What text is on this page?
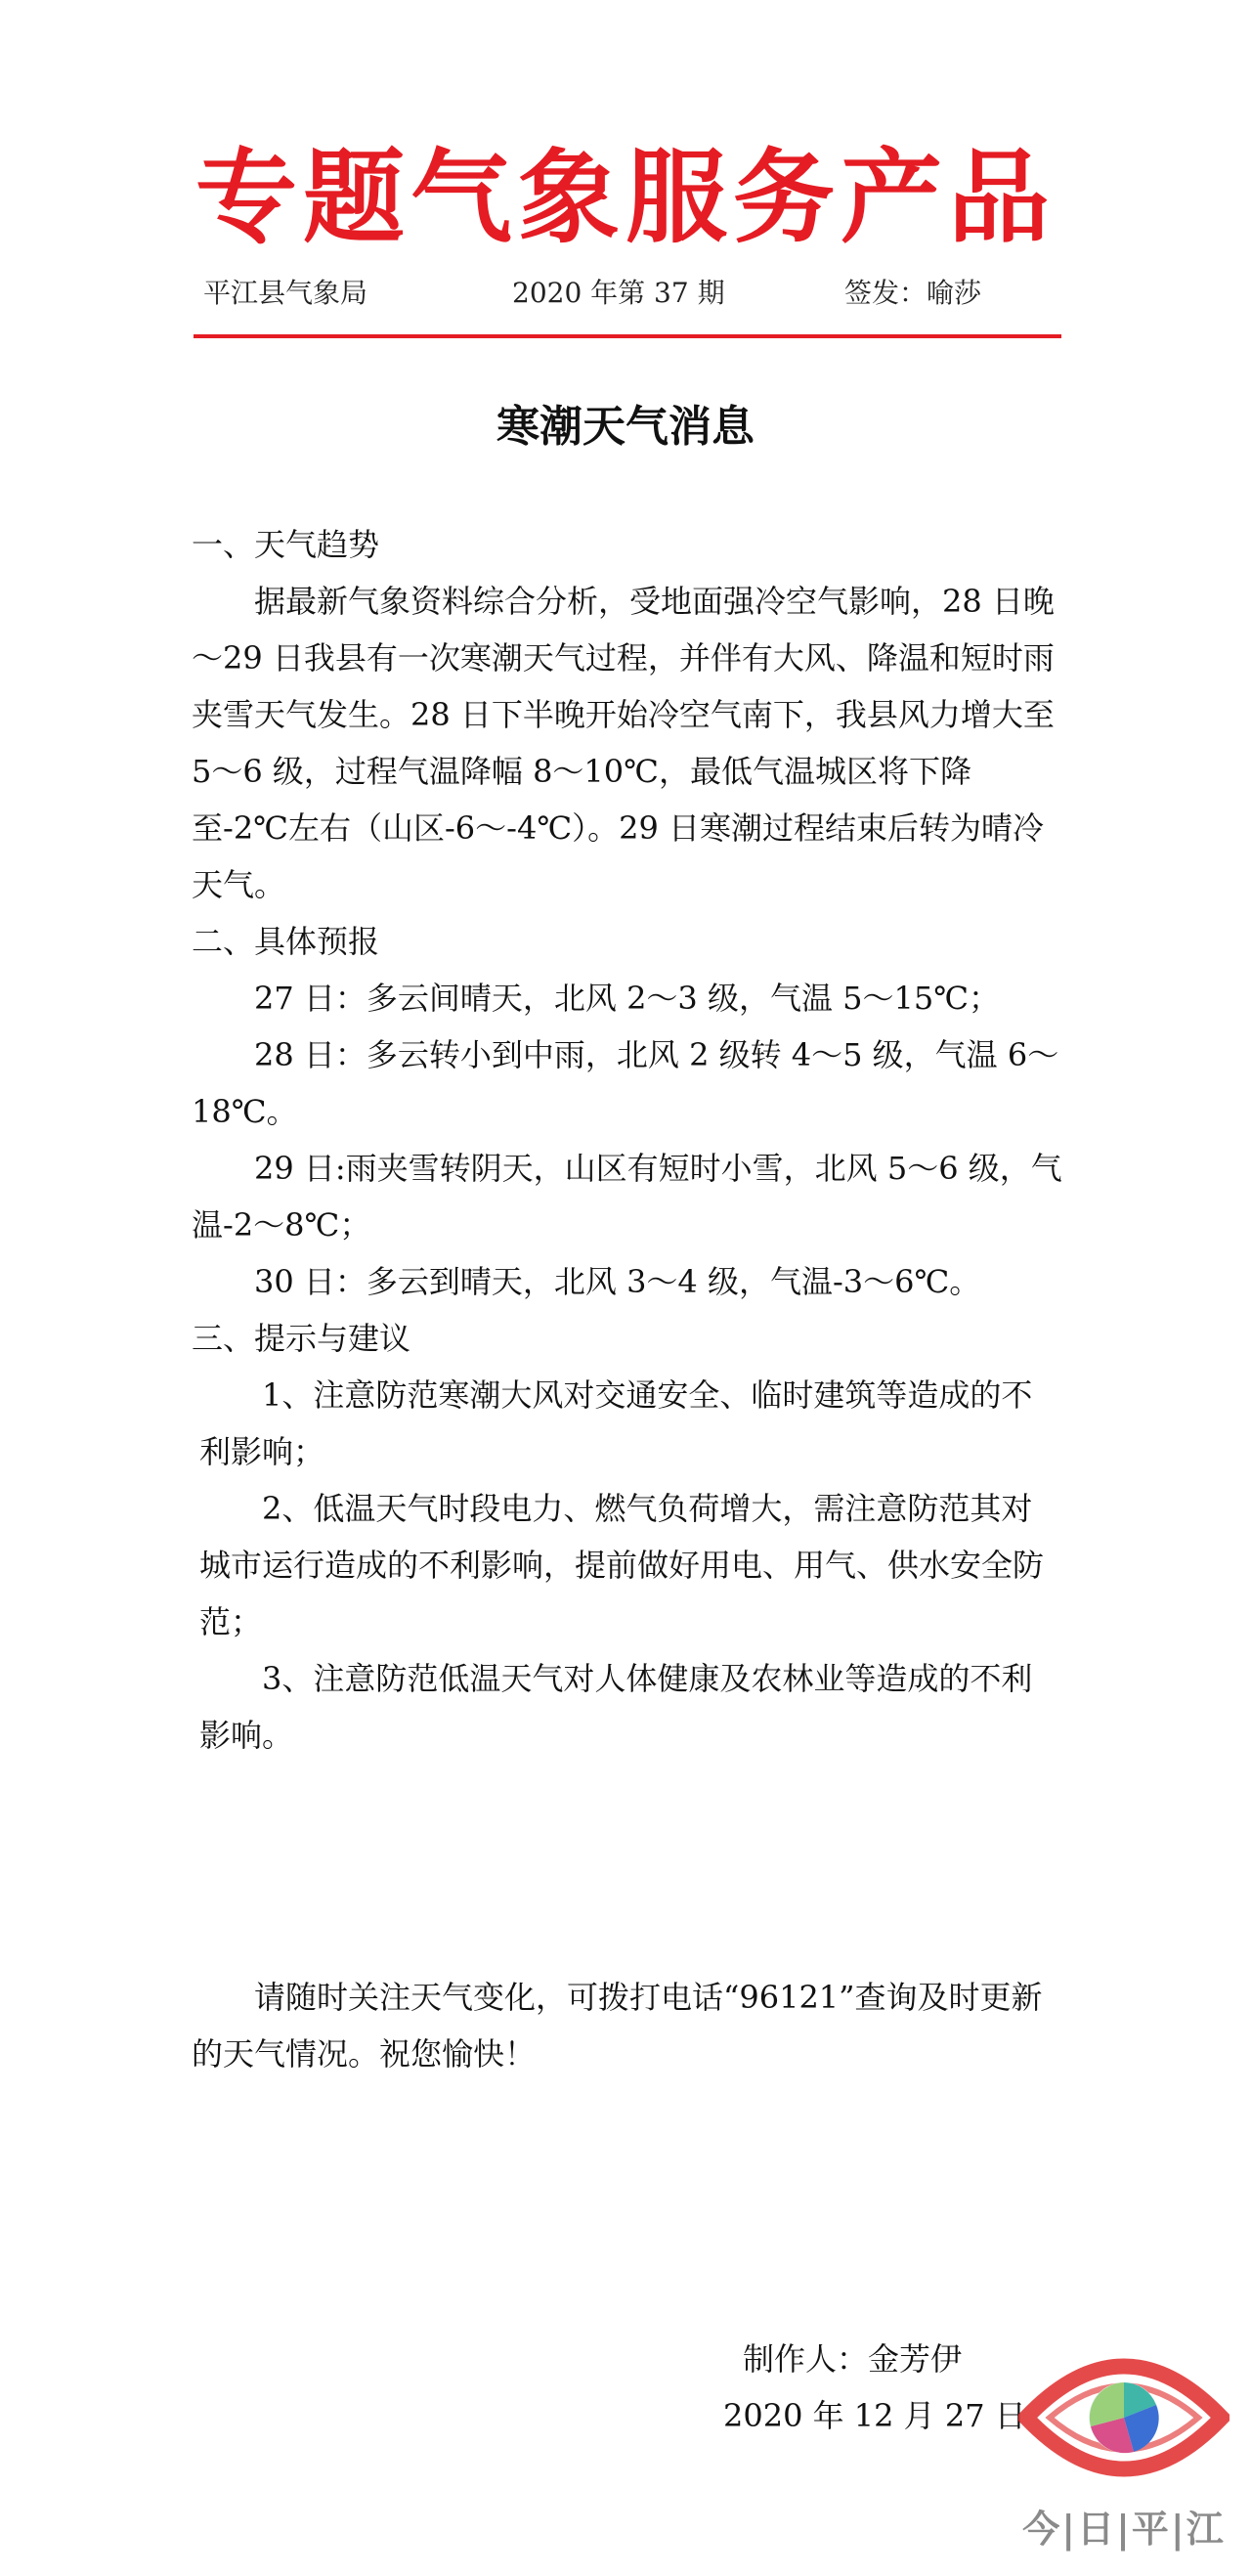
专题气象服务产品
平江县气象局	2020 年第 37 期	签发：喻莎
寒潮天气消息

一、天气趋势

据最新气象资料综合分析，受地面强冷空气影响，28 日晚～29 日我县有一次寒潮天气过程，并伴有大风、降温和短时雨夹雪天气发生。28 日下半晚开始冷空气南下，我县风力增大至 5～6 级，过程气温降幅 8～10℃，最低气温城区将下降至-2℃左右（山区-6～-4℃）。29 日寒潮过程结束后转为晴冷天气。

二、具体预报

27 日：多云间晴天，北风 2～3 级，气温 5～15℃；

28 日：多云转小到中雨，北风 2 级转 4～5 级，气温 6～18℃。

29 日:雨夹雪转阴天，山区有短时小雪，北风 5～6 级，气温-2～8℃；

30 日：多云到晴天，北风 3～4 级，气温-3～6℃。

三、提示与建议

1、注意防范寒潮大风对交通安全、临时建筑等造成的不利影响；

2、低温天气时段电力、燃气负荷增大，需注意防范其对城市运行造成的不利影响，提前做好用电、用气、供水安全防范；

3、注意防范低温天气对人体健康及农林业等造成的不利影响。

请随时关注天气变化，可拨打电话“96121”查询及时更新的天气情况。祝您愉快！

制作人：金芳伊
2020 年 12 月 27 日
今|日|平|江
